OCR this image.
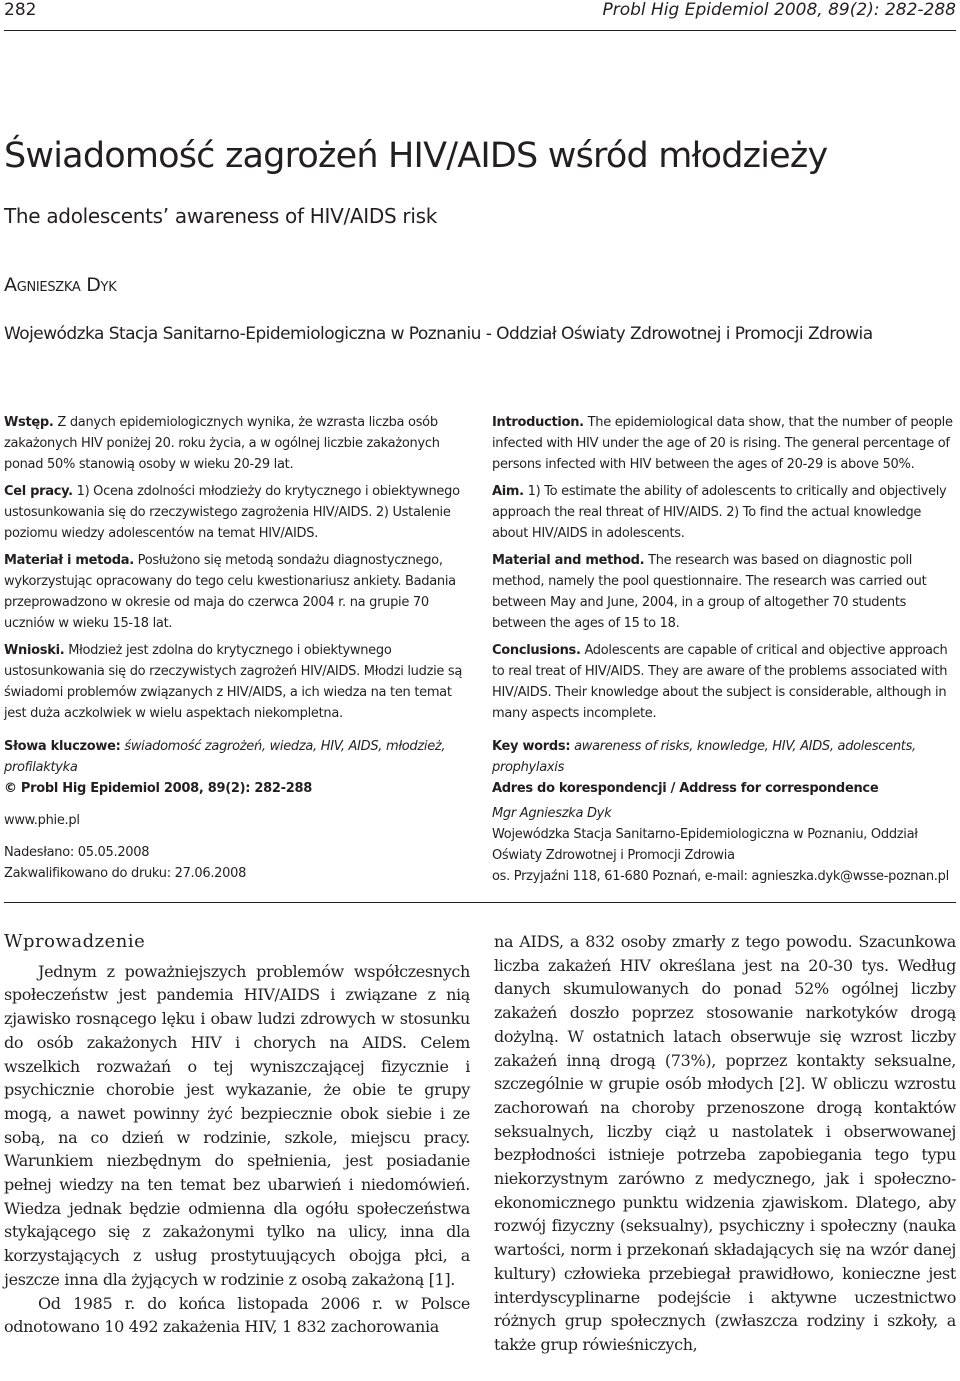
282	Probl Hig Epidemiol 2008, 89(2): 282-288
Świadomość zagrożeń HIV/AIDS wśród młodzieży
The adolescents’ awareness of HIV/AIDS risk
Agnieszka Dyk
Wojewódzka Stacja Sanitarno-Epidemiologiczna w Poznaniu - Oddział Oświaty Zdrowotnej i Promocji Zdrowia

Wstęp. Z danych epidemiologicznych wynika, że wzrasta liczba osób zakażonych HIV poniżej 20. roku życia, a w ogólnej liczbie zakażonych ponad 50% stanowią osoby w wieku 20-29 lat.

Cel pracy. 1) Ocena zdolności młodzieży do krytycznego i obiektywnego ustosunkowania się do rzeczywistego zagrożenia HIV/AIDS. 2) Ustalenie poziomu wiedzy adolescentów na temat HIV/AIDS.

Materiał i metoda. Posłużono się metodą sondażu diagnostycznego, wykorzystując opracowany do tego celu kwestionariusz ankiety. Badania przeprowadzono w okresie od maja do czerwca 2004 r. na grupie 70 uczniów w wieku 15-18 lat.

Wnioski. Młodzież jest zdolna do krytycznego i obiektywnego ustosunkowania się do rzeczywistych zagrożeń HIV/AIDS. Młodzi ludzie są świadomi problemów związanych z HIV/AIDS, a ich wiedza na ten temat jest duża aczkolwiek w wielu aspektach niekompletna.

Słowa kluczowe: świadomość zagrożeń, wiedza, HIV, AIDS, młodzież, profilaktyka

Introduction. The epidemiological data show, that the number of people infected with HIV under the age of 20 is rising. The general percentage of persons infected with HIV between the ages of 20-29 is above 50%.

Aim. 1) To estimate the ability of adolescents to critically and objectively approach the real threat of HIV/AIDS. 2) To find the actual knowledge about HIV/AIDS in adolescents.

Material and method. The research was based on diagnostic poll method, namely the pool questionnaire. The research was carried out between May and June, 2004, in a group of altogether 70 students between the ages of 15 to 18.

Conclusions. Adolescents are capable of critical and objective approach to real treat of HIV/AIDS. They are aware of the problems associated with HIV/AIDS. Their knowledge about the subject is considerable, although in many aspects incomplete.

Key words: awareness of risks, knowledge, HIV, AIDS, adolescents, prophylaxis

© Probl Hig Epidemiol 2008, 89(2): 282-288

www.phie.pl

Nadesłano: 05.05.2008

Zakwalifikowano do druku: 27.06.2008

Adres do korespondencji / Address for correspondence

Mgr Agnieszka Dyk

Wojewódzka Stacja Sanitarno-Epidemiologiczna w Poznaniu, Oddział Oświaty Zdrowotnej i Promocji Zdrowia

os. Przyjaźni 118, 61-680 Poznań, e-mail: agnieszka.dyk@wsse-poznan.pl

Wprowadzenie

Jednym z poważniejszych problemów współczesnych społeczeństw jest pandemia HIV/AIDS i związane z nią zjawisko rosnącego lęku i obaw ludzi zdrowych w stosunku do osób zakażonych HIV i chorych na AIDS. Celem wszelkich rozważań o tej wyniszczającej fizycznie i psychicznie chorobie jest wykazanie, że obie te grupy mogą, a nawet powinny żyć bezpiecznie obok siebie i ze sobą, na co dzień w rodzinie, szkole, miejscu pracy. Warunkiem niezbędnym do spełnienia, jest posiadanie pełnej wiedzy na ten temat bez ubarwień i niedomówień. Wiedza jednak będzie odmienna dla ogółu społeczeństwa stykającego się z zakażonymi tylko na ulicy, inna dla korzystających z usług prostytuujących obojga płci, a jeszcze inna dla żyjących w rodzinie z osobą zakażoną [1].

Od 1985 r. do końca listopada 2006 r. w Polsce odnotowano 10 492 zakażenia HIV, 1 832 zachorowania

na AIDS, a 832 osoby zmarły z tego powodu. Szacunkowa liczba zakażeń HIV określana jest na 20-30 tys. Według danych skumulowanych do ponad 52% ogólnej liczby zakażeń doszło poprzez stosowanie narkotyków drogą dożylną. W ostatnich latach obserwuje się wzrost liczby zakażeń inną drogą (73%), poprzez kontakty seksualne, szczególnie w grupie osób młodych [2]. W obliczu wzrostu zachorowań na choroby przenoszone drogą kontaktów seksualnych, liczby ciąż u nastolatek i obserwowanej bezpłodności istnieje potrzeba zapobiegania tego typu niekorzystnym zarówno z medycznego, jak i społeczno-ekonomicznego punktu widzenia zjawiskom. Dlatego, aby rozwój fizyczny (seksualny), psychiczny i społeczny (nauka wartości, norm i przekonań składających się na wzór danej kultury) człowieka przebiegał prawidłowo, konieczne jest interdyscyplinarne podejście i aktywne uczestnictwo różnych grup społecznych (zwłaszcza rodziny i szkoły, a także grup rówieśniczych,
